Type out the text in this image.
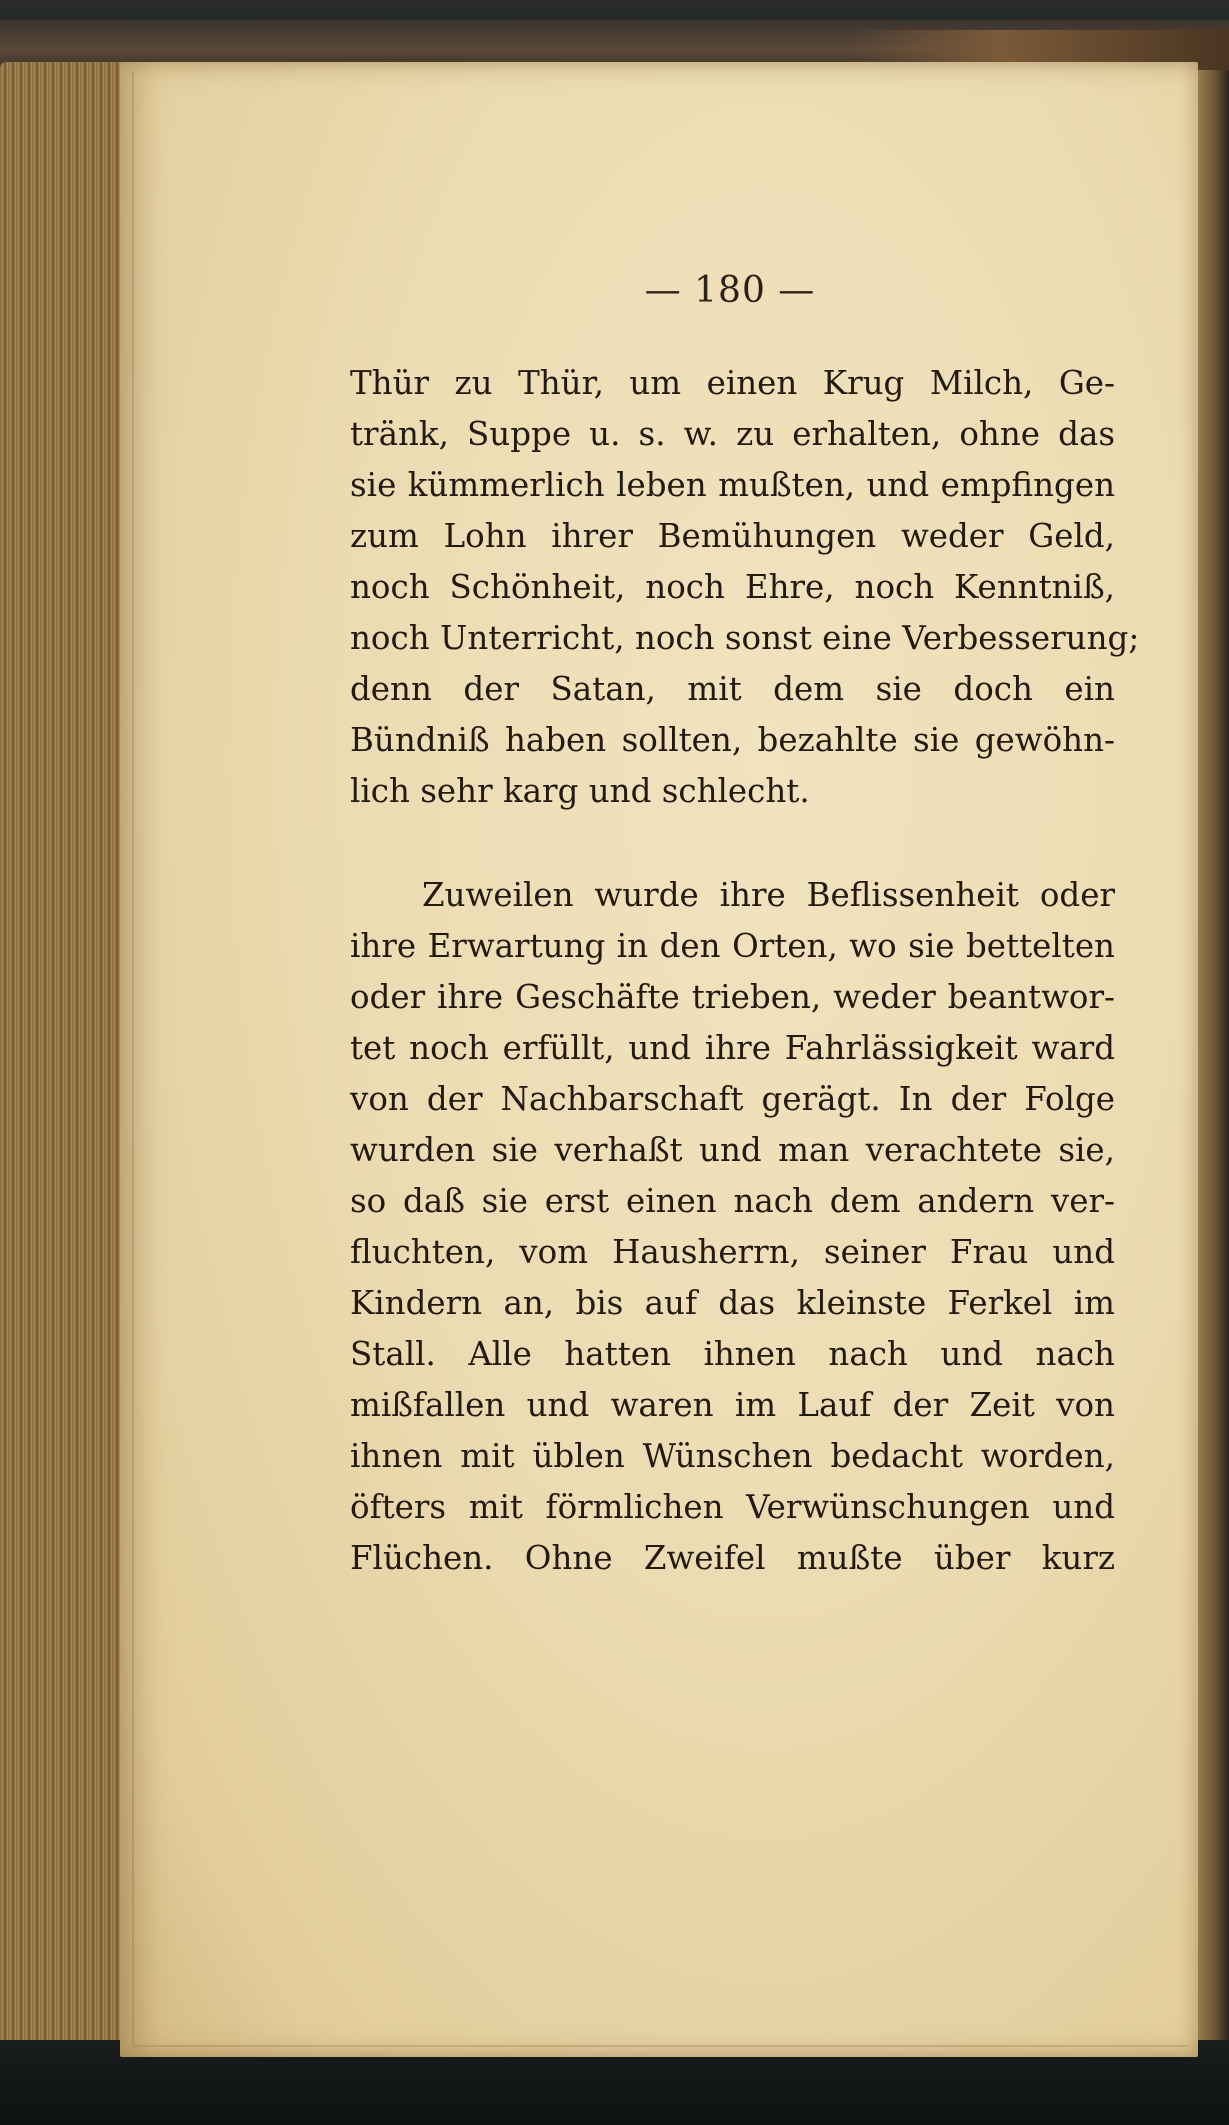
— 180 —
Thür zu Thür, um einen Krug Milch, Ge-
tränk, Suppe u. s. w. zu erhalten, ohne das
sie kümmerlich leben mußten, und empfingen
zum Lohn ihrer Bemühungen weder Geld,
noch Schönheit, noch Ehre, noch Kenntniß,
noch Unterricht, noch sonst eine Verbesserung;
denn der Satan, mit dem sie doch ein
Bündniß haben sollten, bezahlte sie gewöhn-
lich sehr karg und schlecht.
Zuweilen wurde ihre Beflissenheit oder
ihre Erwartung in den Orten, wo sie bettelten
oder ihre Geschäfte trieben, weder beantwor-
tet noch erfüllt, und ihre Fahrlässigkeit ward
von der Nachbarschaft gerägt. In der Folge
wurden sie verhaßt und man verachtete sie,
so daß sie erst einen nach dem andern ver-
fluchten, vom Hausherrn, seiner Frau und
Kindern an, bis auf das kleinste Ferkel im
Stall. Alle hatten ihnen nach und nach
mißfallen und waren im Lauf der Zeit von
ihnen mit üblen Wünschen bedacht worden,
öfters mit förmlichen Verwünschungen und
Flüchen. Ohne Zweifel mußte über kurz
